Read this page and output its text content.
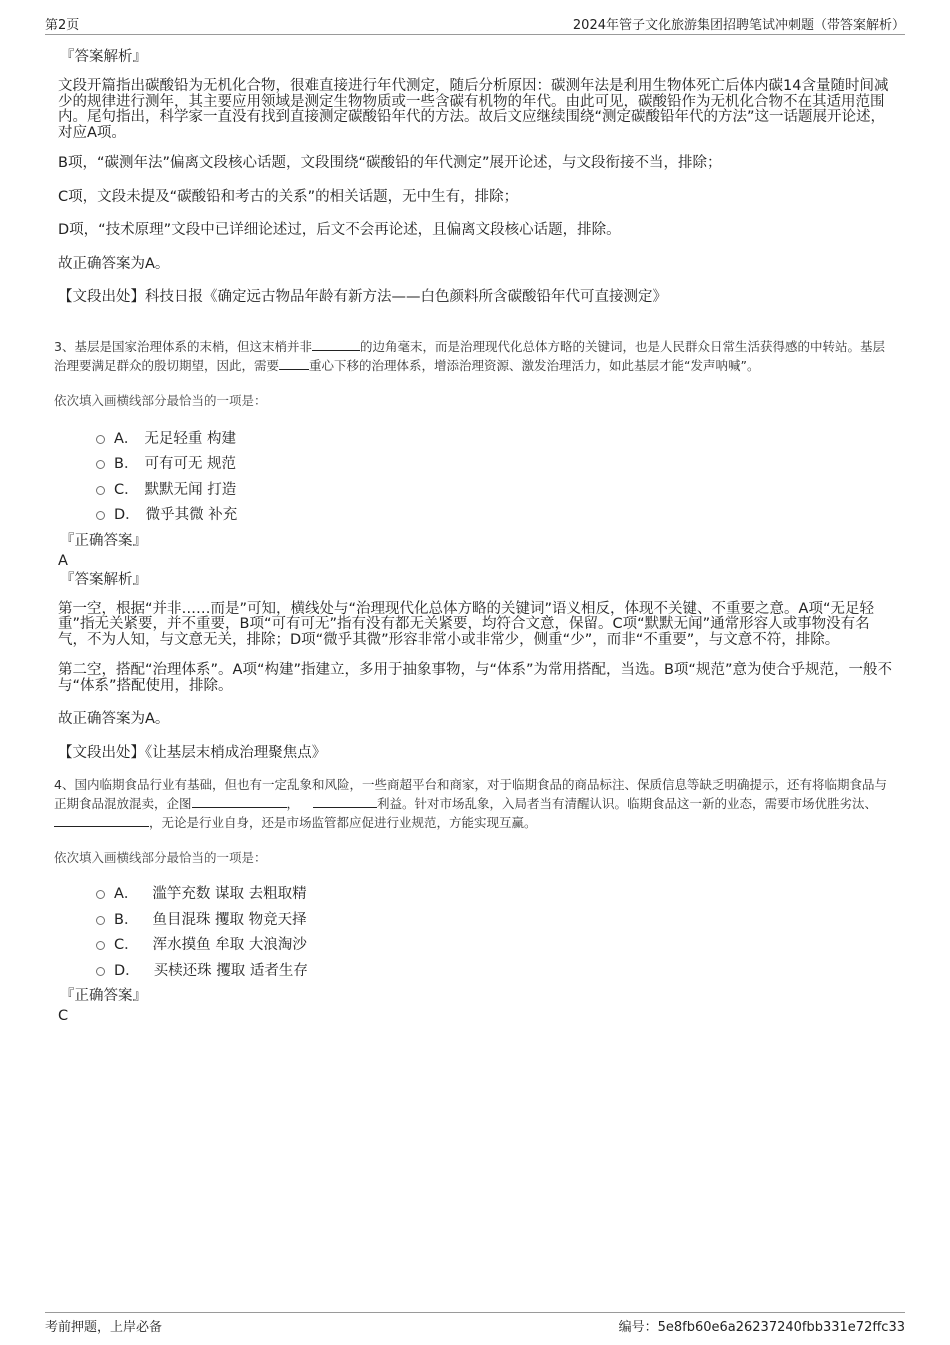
第2页	2024年管子文化旅游集团招聘笔试冲刺题（带答案解析）
『答案解析』

文段开篇指出碳酸铅为无机化合物，很难直接进行年代测定，随后分析原因：碳测年法是利用生物体死亡后体内碳14含量随时间减少的规律进行测年，其主要应用领域是测定生物物质或一些含碳有机物的年代。由此可见，碳酸铅作为无机化合物不在其适用范围内。尾句指出，科学家一直没有找到直接测定碳酸铅年代的方法。故后文应继续围绕“测定碳酸铅年代的方法”这一话题展开论述，对应A项。

B项，“碳测年法”偏离文段核心话题，文段围绕“碳酸铅的年代测定”展开论述，与文段衔接不当，排除；

C项，文段未提及“碳酸铅和考古的关系”的相关话题，无中生有，排除；

D项，“技术原理”文段中已详细论述过，后文不会再论述，且偏离文段核心话题，排除。

故正确答案为A。

【文段出处】科技日报《确定远古物品年龄有新方法——白色颜料所含碳酸铅年代可直接测定》

3、基层是国家治理体系的末梢，但这末梢并非	的边角毫末，而是治理现代化总体方略的关键词，也是人民群众日常生活获得感的中转站。基层治理要满足群众的殷切期望，因此，需要 重心下移的治理体系，增添治理资源、激发治理活力，如此基层才能“发声呐喊”。

依次填入画横线部分最恰当的一项是：

A． 无足轻重 构建
B． 可有可无 规范
C． 默默无闻 打造
D． 微乎其微 补充
『正确答案』
A
『答案解析』

第一空，根据“并非……而是”可知，横线处与“治理现代化总体方略的关键词”语义相反，体现不关键、不重要之意。A项“无足轻重”指无关紧要，并不重要，B项“可有可无”指有没有都无关紧要，均符合文意，保留。C项“默默无闻”通常形容人或事物没有名气，不为人知，与文意无关，排除；D项“微乎其微”形容非常小或非常少，侧重“少”，而非“不重要”，与文意不符，排除。

第二空，搭配“治理体系”。A项“构建”指建立，多用于抽象事物，与“体系”为常用搭配，当选。B项“规范”意为使合乎规范，一般不与“体系”搭配使用，排除。

故正确答案为A。

【文段出处】《让基层末梢成治理聚焦点》

4、国内临期食品行业有基础，但也有一定乱象和风险，一些商超平台和商家，对于临期食品的商品标注、保质信息等缺乏明确提示，还有将临期食品与正期食品混放混卖，企图	，	利益。针对市场乱象，入局者当有清醒认识。临期食品这一新的业态，需要市场优胜劣汰、，无论是行业自身，还是市场监管都应促进行业规范，方能实现互赢。

依次填入画横线部分最恰当的一项是：

A． 滥竽充数 谋取 去粗取精
B． 鱼目混珠 攫取 物竞天择
C． 浑水摸鱼 牟取 大浪淘沙
D． 买椟还珠 攫取 适者生存
『正确答案』
C
考前押题，上岸必备	编号：5e8fb60e6a26237240fbb331e72ffc33
